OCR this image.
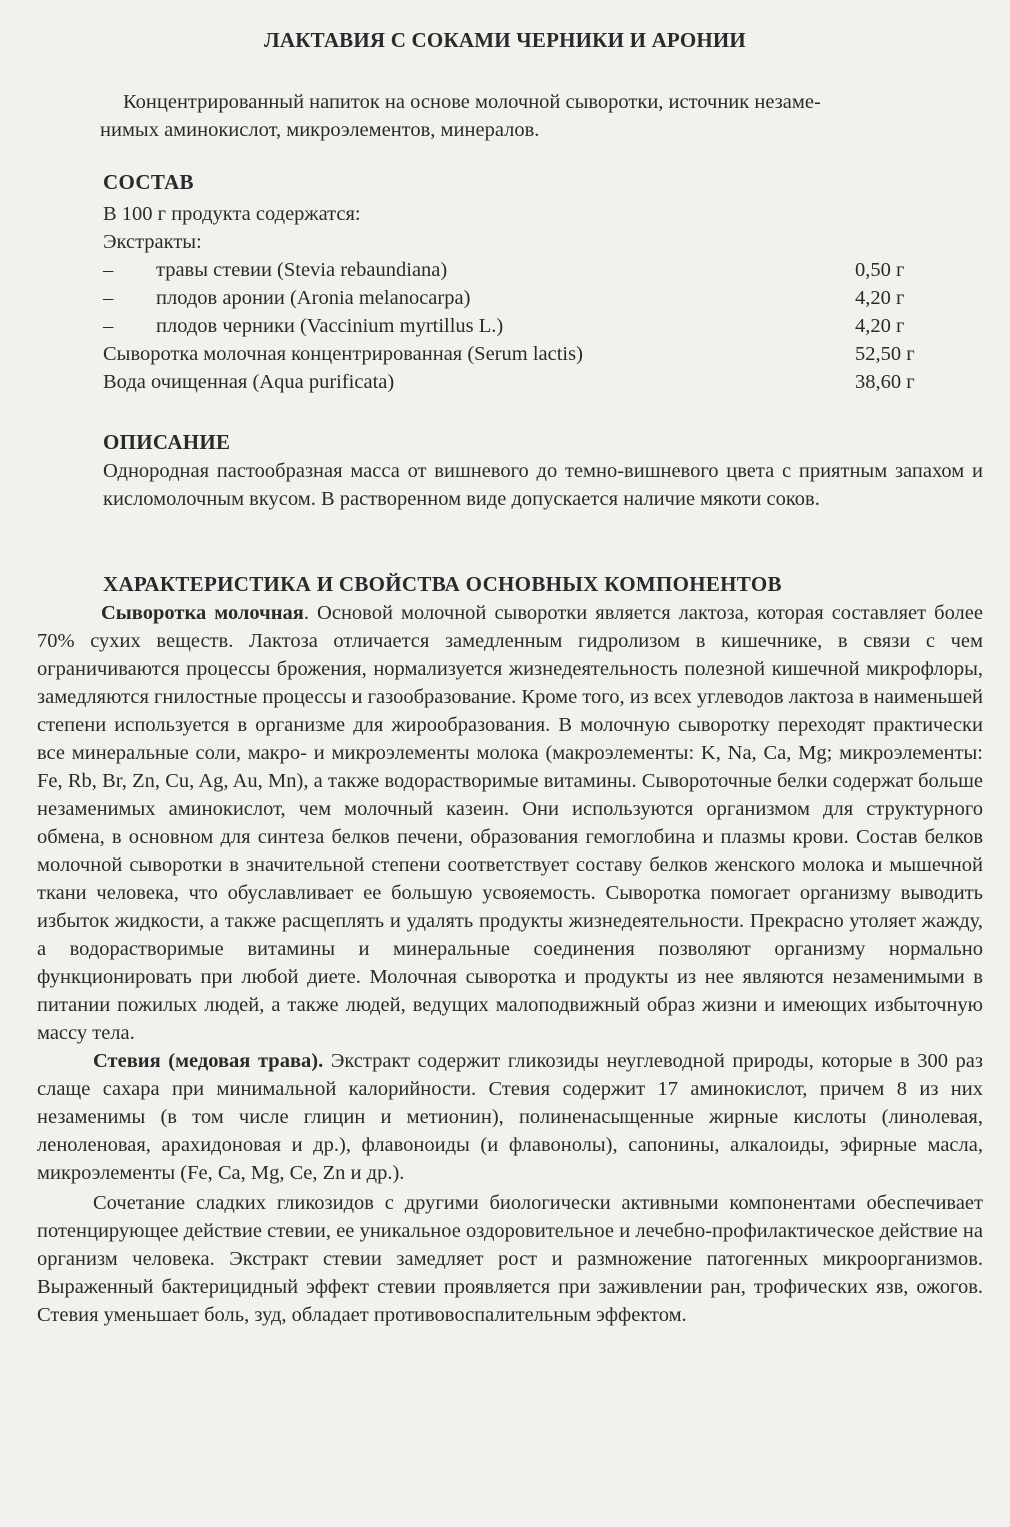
ЛАКТАВИЯ С СОКАМИ ЧЕРНИКИ И АРОНИИ
Концентрированный напиток на основе молочной сыворотки, источник незаме-
нимых аминокислот, микроэлементов, минералов.
СОСТАВ
В 100 г продукта содержатся:
Экстракты:
– травы стевии (Stevia rebaundiana)	0,50 г
– плодов аронии (Aronia melanocarpa)	4,20 г
– плодов черники (Vaccinium myrtillus L.)	4,20 г
Сыворотка молочная концентрированная (Serum lactis)	52,50 г
Вода очищенная (Aqua purificata)	38,60 г
ОПИСАНИЕ
Однородная пастообразная масса от вишневого до темно-вишневого цвета с приятным запахом и кисломолочным вкусом. В растворенном виде допускается наличие мякоти соков.
ХАРАКТЕРИСТИКА И СВОЙСТВА ОСНОВНЫХ КОМПОНЕНТОВ

Сыворотка молочная. Основой молочной сыворотки является лактоза, которая составляет более 70% сухих веществ. Лактоза отличается замедленным гидролизом в кишечнике, в связи с чем ограничиваются процессы брожения, нормализуется жизнедеятельность полезной кишечной микрофлоры, замедляются гнилостные процессы и газообразование. Кроме того, из всех углеводов лактоза в наименьшей степени используется в организме для жирообразования. В молочную сыворотку переходят практически все минеральные соли, макро- и микроэлементы молока (макроэлементы: K, Na, Ca, Mg; микроэлементы: Fe, Rb, Br, Zn, Cu, Ag, Au, Mn), а также водорастворимые витамины. Сывороточные белки содержат больше незаменимых аминокислот, чем молочный казеин. Они используются организмом для структурного обмена, в основном для синтеза белков печени, образования гемоглобина и плазмы крови. Состав белков молочной сыворотки в значительной степени соответствует составу белков женского молока и мышечной ткани человека, что обуславливает ее большую усвояемость. Сыворотка помогает организму выводить избыток жидкости, а также расщеплять и удалять продукты жизнедеятельности. Прекрасно утоляет жажду, а водорастворимые витамины и минеральные соединения позволяют организму нормально функционировать при любой диете. Молочная сыворотка и продукты из нее являются незаменимыми в питании пожилых людей, а также людей, ведущих малоподвижный образ жизни и имеющих избыточную массу тела.

Стевия (медовая трава). Экстракт содержит гликозиды неуглеводной природы, которые в 300 раз слаще сахара при минимальной калорийности. Стевия содержит 17 аминокислот, причем 8 из них незаменимы (в том числе глицин и метионин), полиненасыщенные жирные кислоты (линолевая, леноленовая, арахидоновая и др.), флавоноиды (и флавонолы), сапонины, алкалоиды, эфирные масла, микроэлементы (Fe, Ca, Mg, Ce, Zn и др.).

Сочетание сладких гликозидов с другими биологически активными компонентами обеспечивает потенцирующее действие стевии, ее уникальное оздоровительное и лечебно-профилактическое действие на организм человека. Экстракт стевии замедляет рост и размножение патогенных микроорганизмов. Выраженный бактерицидный эффект стевии проявляется при заживлении ран, трофических язв, ожогов. Стевия уменьшает боль, зуд, обладает противовоспалительным эффектом.
